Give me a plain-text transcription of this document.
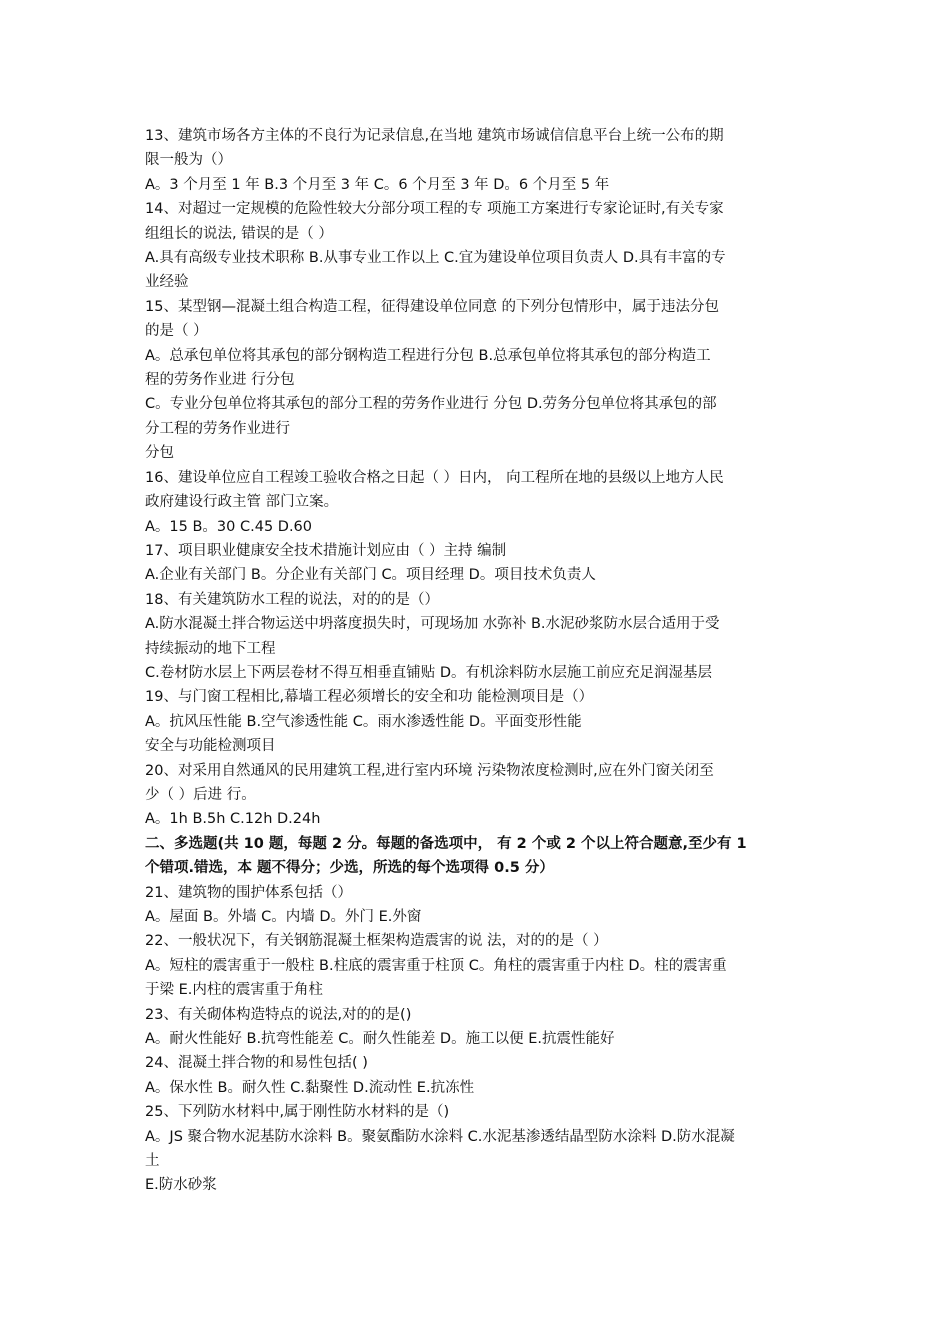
13、建筑市场各方主体的不良行为记录信息,在当地 建筑市场诚信信息平台上统一公布的期

限一般为（）

A。3 个月至 1 年 B.3 个月至 3 年 C。6 个月至 3 年 D。6 个月至 5 年

14、对超过一定规模的危险性较大分部分项工程的专 项施工方案进行专家论证时,有关专家

组组长的说法, 错误的是（ ）

A.具有高级专业技术职称 B.从事专业工作以上 C.宜为建设单位项目负责人 D.具有丰富的专

业经验

15、某型钢—混凝土组合构造工程，征得建设单位同意 的下列分包情形中，属于违法分包

的是（ ）

A。总承包单位将其承包的部分钢构造工程进行分包 B.总承包单位将其承包的部分构造工

程的劳务作业进 行分包

C。专业分包单位将其承包的部分工程的劳务作业进行 分包 D.劳务分包单位将其承包的部

分工程的劳务作业进行

分包

16、建设单位应自工程竣工验收合格之日起（ ）日内， 向工程所在地的县级以上地方人民

政府建设行政主管 部门立案。

A。15 B。30 C.45 D.60

17、项目职业健康安全技术措施计划应由（ ）主持 编制

A.企业有关部门 B。分企业有关部门 C。项目经理 D。项目技术负责人

18、有关建筑防水工程的说法，对的的是（）

A.防水混凝土拌合物运送中坍落度损失时，可现场加 水弥补 B.水泥砂浆防水层合适用于受

持续振动的地下工程

C.卷材防水层上下两层卷材不得互相垂直铺贴 D。有机涂料防水层施工前应充足润湿基层

19、与门窗工程相比,幕墙工程必须增长的安全和功 能检测项目是（）

A。抗风压性能 B.空气渗透性能 C。雨水渗透性能 D。平面变形性能

安全与功能检测项目

20、对采用自然通风的民用建筑工程,进行室内环境 污染物浓度检测时,应在外门窗关闭至

少（ ）后进 行。

A。1h B.5h C.12h D.24h

二、多选题(共 10 题，每题 2 分。每题的备选项中， 有 2 个或 2 个以上符合题意,至少有 1

个错项.错选，本 题不得分；少选，所选的每个选项得 0.5 分）

21、建筑物的围护体系包括（）

A。屋面 B。外墙 C。内墙 D。外门 E.外窗

22、一般状况下，有关钢筋混凝土框架构造震害的说 法，对的的是（ ）

A。短柱的震害重于一般柱 B.柱底的震害重于柱顶 C。角柱的震害重于内柱 D。柱的震害重

于梁 E.内柱的震害重于角柱

23、有关砌体构造特点的说法,对的的是()

A。耐火性能好 B.抗弯性能差 C。耐久性能差 D。施工以便 E.抗震性能好

24、混凝土拌合物的和易性包括( )

A。保水性 B。耐久性 C.黏聚性 D.流动性 E.抗冻性

25、下列防水材料中,属于刚性防水材料的是（)

A。JS 聚合物水泥基防水涂料 B。聚氨酯防水涂料 C.水泥基渗透结晶型防水涂料 D.防水混凝

土

E.防水砂浆
